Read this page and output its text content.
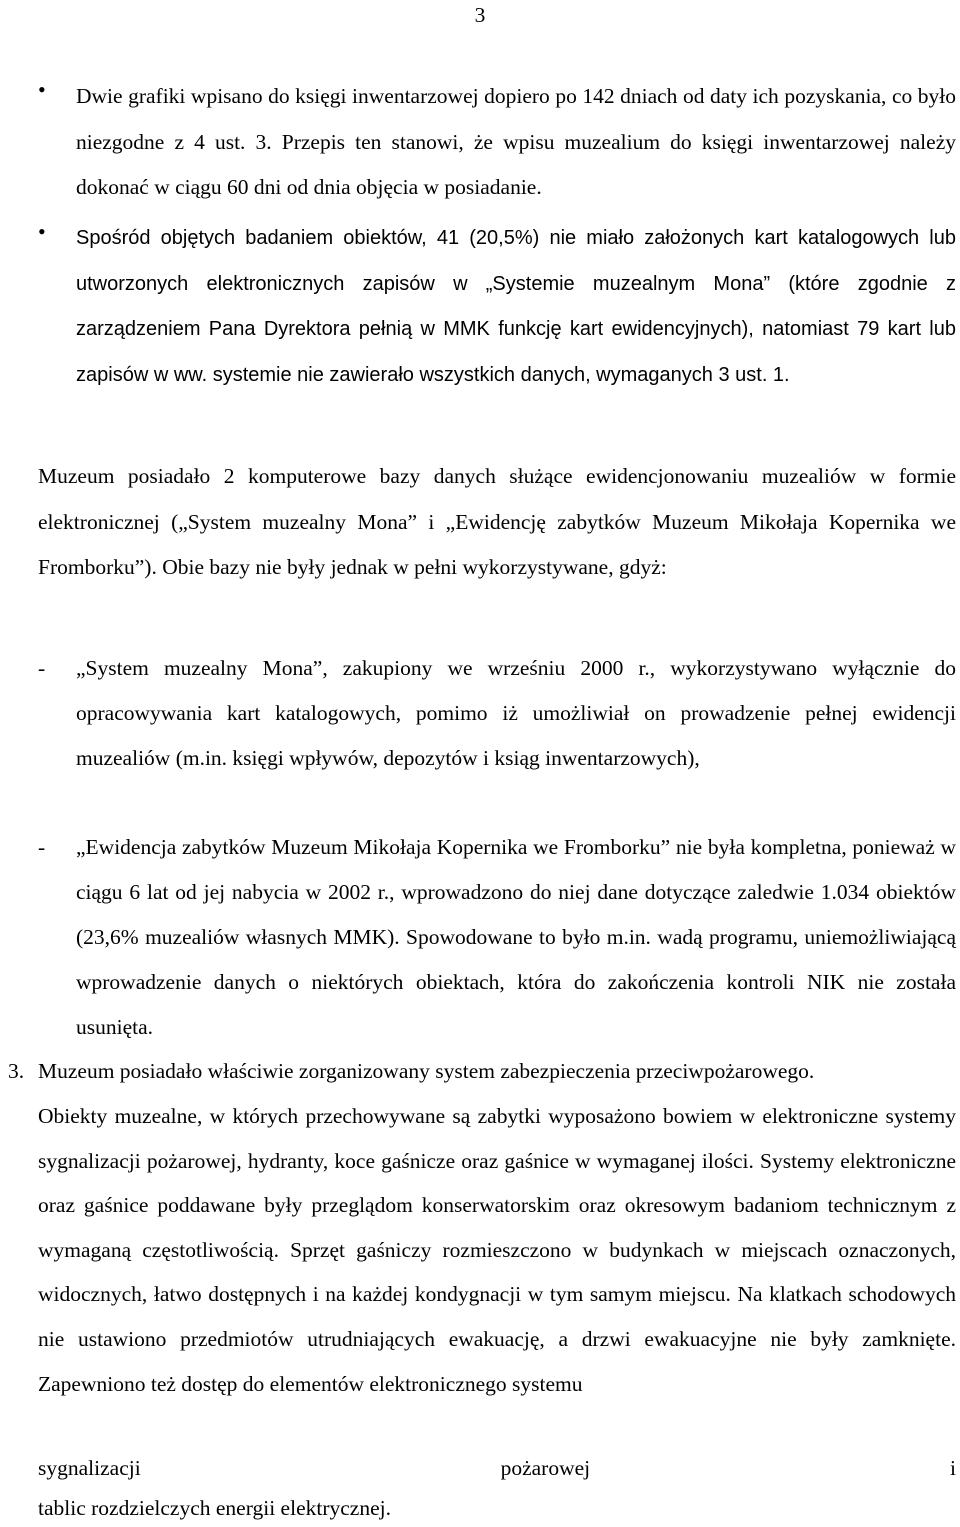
3
• Dwie grafiki wpisano do księgi inwentarzowej dopiero po 142 dniach od daty ich pozyskania, co było niezgodne z 4 ust. 3. Przepis ten stanowi, że wpisu muzealium do księgi inwentarzowej należy dokonać w ciągu 60 dni od dnia objęcia w posiadanie.
• Spośród objętych badaniem obiektów, 41 (20,5%) nie miało założonych kart katalogowych lub utworzonych elektronicznych zapisów w „Systemie muzealnym Mona” (które zgodnie z zarządzeniem Pana Dyrektora pełnią w MMK funkcję kart ewidencyjnych), natomiast 79 kart lub zapisów w ww. systemie nie zawierało wszystkich danych, wymaganych 3 ust. 1.
Muzeum posiadało 2 komputerowe bazy danych służące ewidencjonowaniu muzealiów w formie elektronicznej („System muzealny Mona” i „Ewidencję zabytków Muzeum Mikołaja Kopernika we Fromborku”). Obie bazy nie były jednak w pełni wykorzystywane, gdyż:
- „System muzealny Mona”, zakupiony we wrześniu 2000 r., wykorzystywano wyłącznie do opracowywania kart katalogowych, pomimo iż umożliwiał on prowadzenie pełnej ewidencji muzealiów (m.in. księgi wpływów, depozytów i ksiąg inwentarzowych),
- „Ewidencja zabytków Muzeum Mikołaja Kopernika we Fromborku” nie była kompletna, ponieważ w ciągu 6 lat od jej nabycia w 2002 r., wprowadzono do niej dane dotyczące zaledwie 1.034 obiektów (23,6% muzealiów własnych MMK). Spowodowane to było m.in. wadą programu, uniemożliwiającą wprowadzenie danych o niektórych obiektach, która do zakończenia kontroli NIK nie została usunięta.
3. Muzeum posiadało właściwie zorganizowany system zabezpieczenia przeciwpożarowego.
Obiekty muzealne, w których przechowywane są zabytki wyposażono bowiem w elektroniczne systemy sygnalizacji pożarowej, hydranty, koce gaśnicze oraz gaśnice w wymaganej ilości. Systemy elektroniczne oraz gaśnice poddawane były przeglądom konserwatorskim oraz okresowym badaniom technicznym z wymaganą częstotliwością. Sprzęt gaśniczy rozmieszczono w budynkach w miejscach oznaczonych, widocznych, łatwo dostępnych i na każdej kondygnacji w tym samym miejscu. Na klatkach schodowych nie ustawiono przedmiotów utrudniających ewakuację, a drzwi ewakuacyjne nie były zamknięte. Zapewniono też dostęp do elementów elektronicznego systemu
sygnalizacji	pożarowej	i
tablic rozdzielczych energii elektrycznej.
